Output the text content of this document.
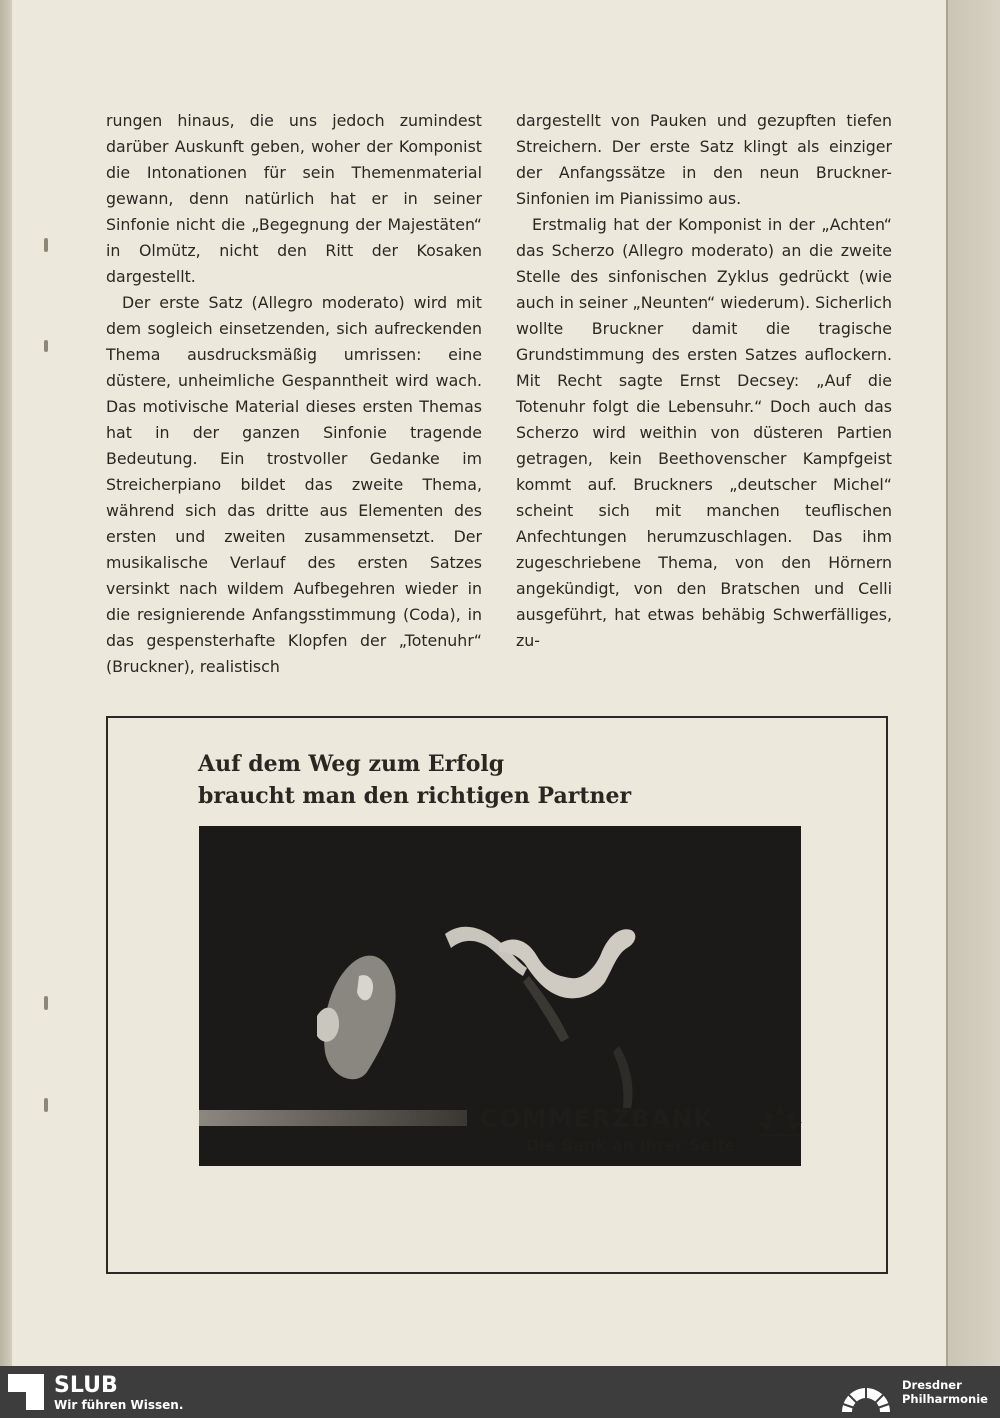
rungen hinaus, die uns jedoch zumindest darüber Auskunft geben, woher der Komponist die Intonationen für sein Themenmaterial gewann, denn natürlich hat er in seiner Sinfonie nicht die „Begegnung der Majestäten“ in Olmütz, nicht den Ritt der Kosaken dargestellt.

Der erste Satz (Allegro moderato) wird mit dem sogleich einsetzenden, sich aufreckenden Thema ausdrucksmäßig umrissen: eine düstere, unheimliche Gespanntheit wird wach. Das motivische Material dieses ersten Themas hat in der ganzen Sinfonie tragende Bedeutung. Ein trostvoller Gedanke im Streicherpiano bildet das zweite Thema, während sich das dritte aus Elementen des ersten und zweiten zusammensetzt. Der musikalische Verlauf des ersten Satzes versinkt nach wildem Aufbegehren wieder in die resignierende Anfangsstimmung (Coda), in das gespensterhafte Klopfen der „Totenuhr“ (Bruckner), realistisch

dargestellt von Pauken und gezupften tiefen Streichern. Der erste Satz klingt als einziger der Anfangssätze in den neun Bruckner-Sinfonien im Pianissimo aus.

Erstmalig hat der Komponist in der „Achten“ das Scherzo (Allegro moderato) an die zweite Stelle des sinfonischen Zyklus gedrückt (wie auch in seiner „Neunten“ wiederum). Sicherlich wollte Bruckner damit die tragische Grundstimmung des ersten Satzes auflockern. Mit Recht sagte Ernst Decsey: „Auf die Totenuhr folgt die Lebensuhr.“ Doch auch das Scherzo wird weithin von düsteren Partien getragen, kein Beethovenscher Kampfgeist kommt auf. Bruckners „deutscher Michel“ scheint sich mit manchen teuflischen Anfechtungen herumzuschlagen. Das ihm zugeschriebene Thema, von den Hörnern angekündigt, von den Bratschen und Celli ausgeführt, hat etwas behäbig Schwerfälliges, zu-

Auf dem Weg zum Erfolg
braucht man den richtigen Partner
COMMERZBANK
Die Bank an Ihrer Seite
SLUB
Wir führen Wissen.
Dresdner
Philharmonie
